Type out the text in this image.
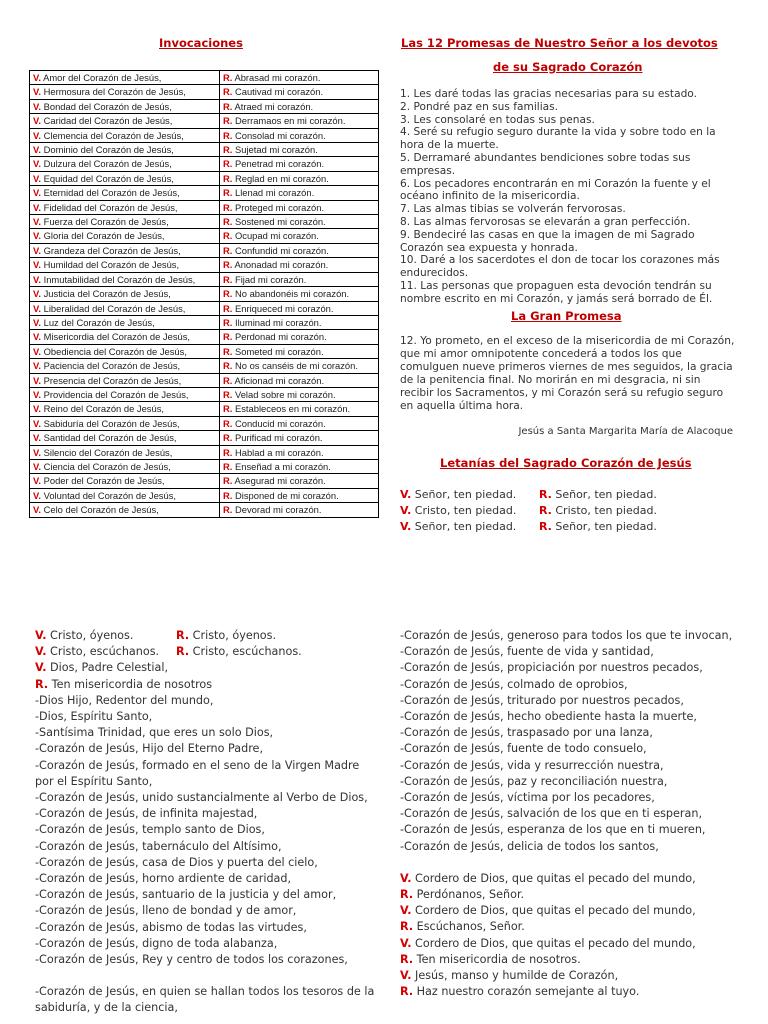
Invocaciones
V. Amor del Corazón de Jesús,	R. Abrasad mi corazón.
V. Hermosura del Corazón de Jesús,	R. Cautivad mi corazón.
V. Bondad del Corazón de Jesús,	R. Atraed mi corazón.
V. Caridad del Corazón de Jesús,	R. Derramaos en mi corazón.
V. Clemencia del Corazón de Jesús,	R. Consolad mi corazón.
V. Dominio del Corazón de Jesús,	R. Sujetad mi corazón.
V. Dulzura del Corazón de Jesús,	R. Penetrad mi corazón.
V. Equidad del Corazón de Jesús,	R. Reglad en mi corazón.
V. Eternidad del Corazón de Jesús,	R. Llenad mi corazón.
V. Fidelidad del Corazón de Jesús,	R. Proteged mi corazón.
V. Fuerza del Corazón de Jesús,	R. Sostened mi corazón.
V. Gloria del Corazón de Jesús,	R. Ocupad mi corazón.
V. Grandeza del Corazón de Jesús,	R. Confundid mi corazón.
V. Humildad del Corazón de Jesús,	R. Anonadad mi corazón.
V. Inmutabilidad del Corazón de Jesús,	R. Fijad mi corazón.
V. Justicia del Corazón de Jesús,	R. No abandonéis mi corazón.
V. Liberalidad del Corazón de Jesús,	R. Enriqueced mi corazón.
V. Luz del Corazón de Jesús,	R. Iluminad mi corazón.
V. Misericordia del Corazón de Jesús,	R. Perdonad mi corazón.
V. Obediencia del Corazón de Jesús,	R. Someted mi corazón.
V. Paciencia del Corazón de Jesús,	R. No os canséis de mi corazón.
V. Presencia del Corazón de Jesús,	R. Aficionad mi corazón.
V. Providencia del Corazón de Jesús,	R. Velad sobre mi corazón.
V. Reino del Corazón de Jesús,	R. Estableceos en mi corazón.
V. Sabiduría del Corazón de Jesús,	R. Conducid mi corazón.
V. Santidad del Corazón de Jesús,	R. Purificad mi corazón.
V. Silencio del Corazón de Jesús,	R. Hablad a mi corazón.
V. Ciencia del Corazón de Jesús,	R. Enseñad a mi corazón.
V. Poder del Corazón de Jesús,	R. Asegurad mi corazón.
V. Voluntad del Corazón de Jesús,	R. Disponed de mi corazón.
V. Celo del Corazón de Jesús,	R. Devorad mi corazón.
Las 12 Promesas de Nuestro Señor a los devotos
de su Sagrado Corazón
1. Les daré todas las gracias necesarias para su estado.
2. Pondré paz en sus familias.
3. Les consolaré en todas sus penas.
4. Seré su refugio seguro durante la vida y sobre todo en la hora de la muerte.
5. Derramaré abundantes bendiciones sobre todas sus empresas.
6. Los pecadores encontrarán en mi Corazón la fuente y el océano infinito de la misericordia.
7. Las almas tibias se volverán fervorosas.
8. Las almas fervorosas se elevarán a gran perfección.
9. Bendeciré las casas en que la imagen de mi Sagrado Corazón sea expuesta y honrada.
10. Daré a los sacerdotes el don de tocar los corazones más endurecidos.
11. Las personas que propaguen esta devoción tendrán su nombre escrito en mi Corazón, y jamás será borrado de Él.
La Gran Promesa
12. Yo prometo, en el exceso de la misericordia de mi Corazón, que mi amor omnipotente concederá a todos los que comulguen nueve primeros viernes de mes seguidos, la gracia de la penitencia final. No morirán en mi desgracia, ni sin recibir los Sacramentos, y mi Corazón será su refugio seguro en aquella última hora.
Jesús a Santa Margarita María de Alacoque
Letanías del Sagrado Corazón de Jesús
V. Señor, ten piedad. R. Señor, ten piedad.
V. Cristo, ten piedad. R. Cristo, ten piedad.
V. Señor, ten piedad. R. Señor, ten piedad.
V. Cristo, óyenos.	R. Cristo, óyenos.
V. Cristo, escúchanos. R. Cristo, escúchanos.
V. Dios, Padre Celestial,
R. Ten misericordia de nosotros
-Dios Hijo, Redentor del mundo,
-Dios, Espíritu Santo,
-Santísima Trinidad, que eres un solo Dios,
-Corazón de Jesús, Hijo del Eterno Padre,
-Corazón de Jesús, formado en el seno de la Virgen Madre por el Espíritu Santo,
-Corazón de Jesús, unido sustancialmente al Verbo de Dios,
-Corazón de Jesús, de infinita majestad,
-Corazón de Jesús, templo santo de Dios,
-Corazón de Jesús, tabernáculo del Altísimo,
-Corazón de Jesús, casa de Dios y puerta del cielo,
-Corazón de Jesús, horno ardiente de caridad,
-Corazón de Jesús, santuario de la justicia y del amor,
-Corazón de Jesús, lleno de bondad y de amor,
-Corazón de Jesús, abismo de todas las virtudes,
-Corazón de Jesús, digno de toda alabanza,
-Corazón de Jesús, Rey y centro de todos los corazones,
-Corazón de Jesús, en quien se hallan todos los tesoros de la sabiduría, y de la ciencia,
-Corazón de Jesús, generoso para todos los que te invocan,
-Corazón de Jesús, fuente de vida y santidad,
-Corazón de Jesús, propiciación por nuestros pecados,
-Corazón de Jesús, colmado de oprobios,
-Corazón de Jesús, triturado por nuestros pecados,
-Corazón de Jesús, hecho obediente hasta la muerte,
-Corazón de Jesús, traspasado por una lanza,
-Corazón de Jesús, fuente de todo consuelo,
-Corazón de Jesús, vida y resurrección nuestra,
-Corazón de Jesús, paz y reconciliación nuestra,
-Corazón de Jesús, víctima por los pecadores,
-Corazón de Jesús, salvación de los que en ti esperan,
-Corazón de Jesús, esperanza de los que en ti mueren,
-Corazón de Jesús, delicia de todos los santos,
V. Cordero de Dios, que quitas el pecado del mundo,
R. Perdónanos, Señor.
V. Cordero de Dios, que quitas el pecado del mundo,
R. Escúchanos, Señor.
V. Cordero de Dios, que quitas el pecado del mundo,
R. Ten misericordia de nosotros.
V. Jesús, manso y humilde de Corazón,
R. Haz nuestro corazón semejante al tuyo.
